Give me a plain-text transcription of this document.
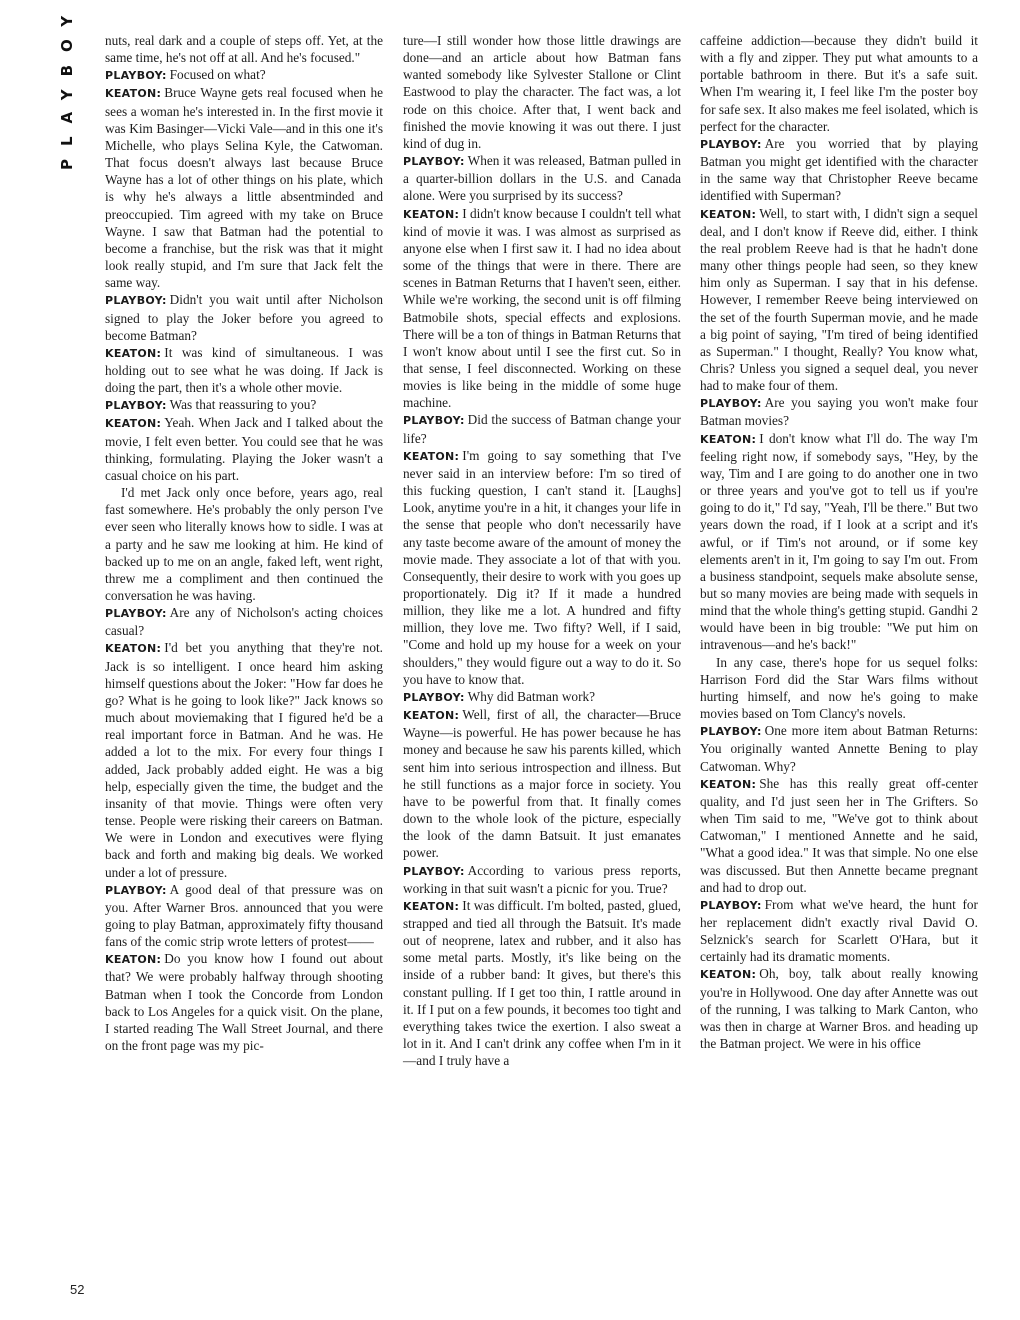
PLAYBOY	nuts, real dark and a couple of steps off. Yet, at the same time, he's not off at all. And he's focused."

PLAYBOY: Focused on what?

KEATON: Bruce Wayne gets real focused when he sees a woman he's interested in. In the first movie it was Kim Basinger—Vicki Vale—and in this one it's Michelle, who plays Selina Kyle, the Catwoman. That focus doesn't always last because Bruce Wayne has a lot of other things on his plate, which is why he's always a little absentminded and preoccupied. Tim agreed with my take on Bruce Wayne. I saw that Batman had the potential to become a franchise, but the risk was that it might look really stupid, and I'm sure that Jack felt the same way.

PLAYBOY: Didn't you wait until after Nicholson signed to play the Joker before you agreed to become Batman?

KEATON: It was kind of simultaneous. I was holding out to see what he was doing. If Jack is doing the part, then it's a whole other movie.

PLAYBOY: Was that reassuring to you?

KEATON: Yeah. When Jack and I talked about the movie, I felt even better. You could see that he was thinking, formulating. Playing the Joker wasn't a casual choice on his part.

I'd met Jack only once before, years ago, real fast somewhere. He's probably the only person I've ever seen who literally knows how to sidle. I was at a party and he saw me looking at him. He kind of backed up to me on an angle, faked left, went right, threw me a compliment and then continued the conversation he was having.

PLAYBOY: Are any of Nicholson's acting choices casual?

KEATON: I'd bet you anything that they're not. Jack is so intelligent. I once heard him asking himself questions about the Joker: "How far does he go? What is he going to look like?" Jack knows so much about moviemaking that I figured he'd be a real important force in Batman. And he was. He added a lot to the mix. For every four things I added, Jack probably added eight. He was a big help, especially given the time, the budget and the insanity of that movie. Things were often very tense. People were risking their careers on Batman. We were in London and executives were flying back and forth and making big deals. We worked under a lot of pressure.

PLAYBOY: A good deal of that pressure was on you. After Warner Bros. announced that you were going to play Batman, approximately fifty thousand fans of the comic strip wrote letters of protest——

KEATON: Do you know how I found out about that? We were probably halfway through shooting Batman when I took the Concorde from London back to Los Angeles for a quick visit. On the plane, I started reading The Wall Street Journal, and there on the front page was my pic-

ture—I still wonder how those little drawings are done—and an article about how Batman fans wanted somebody like Sylvester Stallone or Clint Eastwood to play the character. The fact was, a lot rode on this choice. After that, I went back and finished the movie knowing it was out there. I just kind of dug in.

PLAYBOY: When it was released, Batman pulled in a quarter-billion dollars in the U.S. and Canada alone. Were you surprised by its success?

KEATON: I didn't know because I couldn't tell what kind of movie it was. I was almost as surprised as anyone else when I first saw it. I had no idea about some of the things that were in there. There are scenes in Batman Returns that I haven't seen, either. While we're working, the second unit is off filming Batmobile shots, special effects and explosions. There will be a ton of things in Batman Returns that I won't know about until I see the first cut. So in that sense, I feel disconnected. Working on these movies is like being in the middle of some huge machine.

PLAYBOY: Did the success of Batman change your life?

KEATON: I'm going to say something that I've never said in an interview before: I'm so tired of this fucking question, I can't stand it. [Laughs] Look, anytime you're in a hit, it changes your life in the sense that people who don't necessarily have any taste become aware of the amount of money the movie made. They associate a lot of that with you. Consequently, their desire to work with you goes up proportionately. Dig it? If it made a hundred million, they like me a lot. A hundred and fifty million, they love me. Two fifty? Well, if I said, "Come and hold up my house for a week on your shoulders," they would figure out a way to do it. So you have to know that.

PLAYBOY: Why did Batman work?

KEATON: Well, first of all, the character—Bruce Wayne—is powerful. He has power because he has money and because he saw his parents killed, which sent him into serious introspection and illness. But he still functions as a major force in society. You have to be powerful from that. It finally comes down to the whole look of the picture, especially the look of the damn Batsuit. It just emanates power.

PLAYBOY: According to various press reports, working in that suit wasn't a picnic for you. True?

KEATON: It was difficult. I'm bolted, pasted, glued, strapped and tied all through the Batsuit. It's made out of neoprene, latex and rubber, and it also has some metal parts. Mostly, it's like being on the inside of a rubber band: It gives, but there's this constant pulling. If I get too thin, I rattle around in it. If I put on a few pounds, it becomes too tight and everything takes twice the exertion. I also sweat a lot in it. And I can't drink any coffee when I'm in it—and I truly have a

caffeine addiction—because they didn't build it with a fly and zipper. They put what amounts to a portable bathroom in there. But it's a safe suit. When I'm wearing it, I feel like I'm the poster boy for safe sex. It also makes me feel isolated, which is perfect for the character.

PLAYBOY: Are you worried that by playing Batman you might get identified with the character in the same way that Christopher Reeve became identified with Superman?

KEATON: Well, to start with, I didn't sign a sequel deal, and I don't know if Reeve did, either. I think the real problem Reeve had is that he hadn't done many other things people had seen, so they knew him only as Superman. I say that in his defense. However, I remember Reeve being interviewed on the set of the fourth Superman movie, and he made a big point of saying, "I'm tired of being identified as Superman." I thought, Really? You know what, Chris? Unless you signed a sequel deal, you never had to make four of them.

PLAYBOY: Are you saying you won't make four Batman movies?

KEATON: I don't know what I'll do. The way I'm feeling right now, if somebody says, "Hey, by the way, Tim and I are going to do another one in two or three years and you've got to tell us if you're going to do it," I'd say, "Yeah, I'll be there." But two years down the road, if I look at a script and it's awful, or if Tim's not around, or if some key elements aren't in it, I'm going to say I'm out. From a business standpoint, sequels make absolute sense, but so many movies are being made with sequels in mind that the whole thing's getting stupid. Gandhi 2 would have been in big trouble: "We put him on intravenous—and he's back!"

In any case, there's hope for us sequel folks: Harrison Ford did the Star Wars films without hurting himself, and now he's going to make movies based on Tom Clancy's novels.

PLAYBOY: One more item about Batman Returns: You originally wanted Annette Bening to play Catwoman. Why?

KEATON: She has this really great off-center quality, and I'd just seen her in The Grifters. So when Tim said to me, "We've got to think about Catwoman," I mentioned Annette and he said, "What a good idea." It was that simple. No one else was discussed. But then Annette became pregnant and had to drop out.

PLAYBOY: From what we've heard, the hunt for her replacement didn't exactly rival David O. Selznick's search for Scarlett O'Hara, but it certainly had its dramatic moments.

KEATON: Oh, boy, talk about really knowing you're in Hollywood. One day after Annette was out of the running, I was talking to Mark Canton, who was then in charge at Warner Bros. and heading up the Batman project. We were in his office

52
